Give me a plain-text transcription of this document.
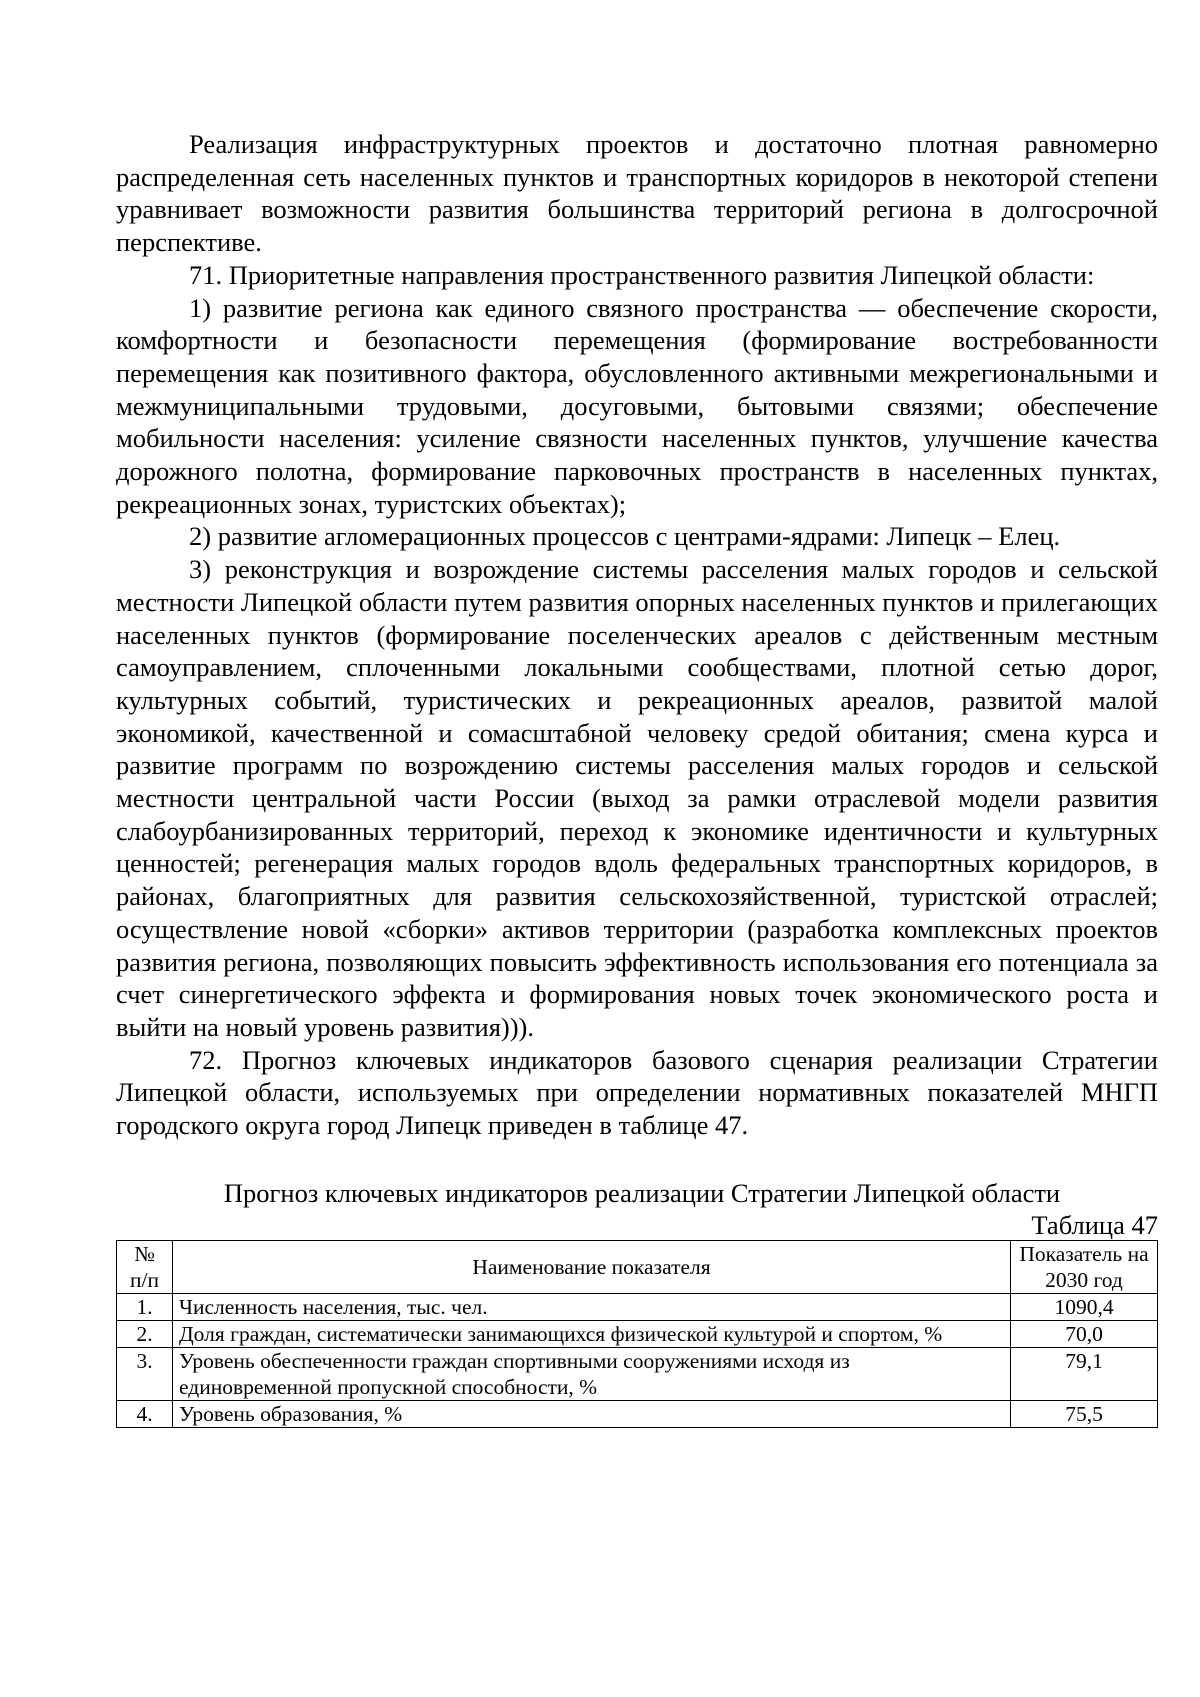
Реализация инфраструктурных проектов и достаточно плотная равномерно распределенная сеть населенных пунктов и транспортных коридоров в некоторой степени уравнивает возможности развития большинства территорий региона в долгосрочной перспективе.

71. Приоритетные направления пространственного развития Липецкой области:

1) развитие региона как единого связного пространства — обеспечение скорости, комфортности и безопасности перемещения (формирование востребованности перемещения как позитивного фактора, обусловленного активными межрегиональными и межмуниципальными трудовыми, досуговыми, бытовыми связями; обеспечение мобильности населения: усиление связности населенных пунктов, улучшение качества дорожного полотна, формирование парковочных пространств в населенных пунктах, рекреационных зонах, туристских объектах);

2) развитие агломерационных процессов с центрами-ядрами: Липецк – Елец.

3) реконструкция и возрождение системы расселения малых городов и сельской местности Липецкой области путем развития опорных населенных пунктов и прилегающих населенных пунктов (формирование поселенческих ареалов с действенным местным самоуправлением, сплоченными локальными сообществами, плотной сетью дорог, культурных событий, туристических и рекреационных ареалов, развитой малой экономикой, качественной и сомасштабной человеку средой обитания; смена курса и развитие программ по возрождению системы расселения малых городов и сельской местности центральной части России (выход за рамки отраслевой модели развития слабоурбанизированных территорий, переход к экономике идентичности и культурных ценностей; регенерация малых городов вдоль федеральных транспортных коридоров, в районах, благоприятных для развития сельскохозяйственной, туристской отраслей; осуществление новой «сборки» активов территории (разработка комплексных проектов развития региона, позволяющих повысить эффективность использования его потенциала за счет синергетического эффекта и формирования новых точек экономического роста и выйти на новый уровень развития))).

72. Прогноз ключевых индикаторов базового сценария реализации Стратегии Липецкой области, используемых при определении нормативных показателей МНГП городского округа город Липецк приведен в таблице 47.

Прогноз ключевых индикаторов реализации Стратегии Липецкой области

Таблица 47

№ п/п	Наименование показателя	Показатель на 2030 год
1.	Численность населения, тыс. чел.	1090,4
2.	Доля граждан, систематически занимающихся физической культурой и спортом, %	70,0
3.	Уровень обеспеченности граждан спортивными сооружениями исходя из единовременной пропускной способности, %	79,1
4.	Уровень образования, %	75,5
